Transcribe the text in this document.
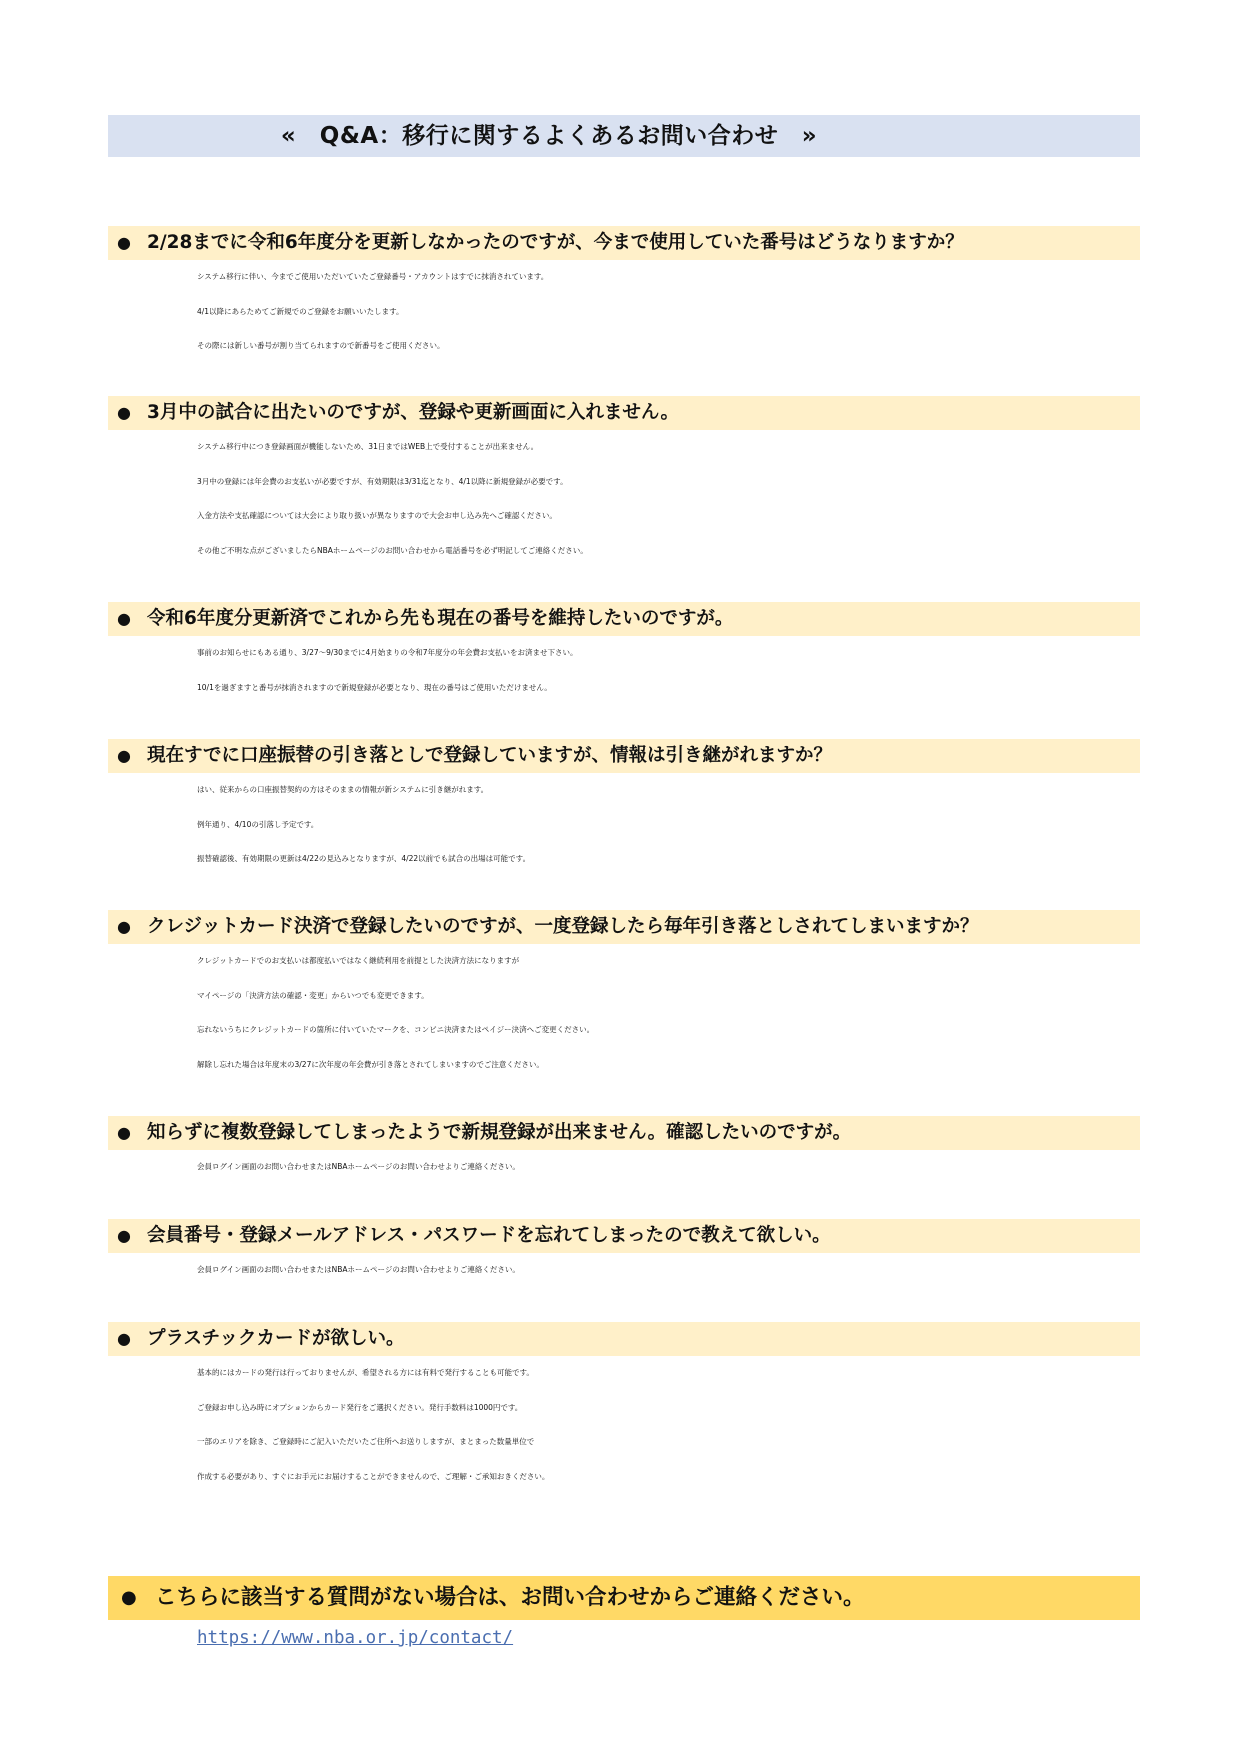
«　Q&A：移行に関するよくあるお問い合わせ　»
● 2/28までに令和6年度分を更新しなかったのですが、今まで使用していた番号はどうなりますか？
システム移行に伴い、今までご使用いただいていたご登録番号・アカウントはすでに抹消されています。
4/1以降にあらためてご新規でのご登録をお願いいたします。
その際には新しい番号が割り当てられますので新番号をご使用ください。
● 3月中の試合に出たいのですが、登録や更新画面に入れません。
システム移行中につき登録画面が機能しないため、31日まではWEB上で受付することが出来ません。
3月中の登録には年会費のお支払いが必要ですが、有効期限は3/31迄となり、4/1以降に新規登録が必要です。
入金方法や支払確認については大会により取り扱いが異なりますので大会お申し込み先へご確認ください。
その他ご不明な点がございましたらNBAホームページのお問い合わせから電話番号を必ず明記してご連絡ください。
● 令和6年度分更新済でこれから先も現在の番号を維持したいのですが。
事前のお知らせにもある通り、3/27～9/30までに4月始まりの令和7年度分の年会費お支払いをお済ませ下さい。
10/1を過ぎますと番号が抹消されますので新規登録が必要となり、現在の番号はご使用いただけません。
● 現在すでに口座振替の引き落としで登録していますが、情報は引き継がれますか？
はい、従来からの口座振替契約の方はそのままの情報が新システムに引き継がれます。
例年通り、4/10の引落し予定です。
振替確認後、有効期限の更新は4/22の見込みとなりますが、4/22以前でも試合の出場は可能です。
● クレジットカード決済で登録したいのですが、一度登録したら毎年引き落としされてしまいますか？
クレジットカードでのお支払いは都度払いではなく継続利用を前提とした決済方法になりますが
マイページの「決済方法の確認・変更」からいつでも変更できます。
忘れないうちにクレジットカードの箇所に付いていたマークを、コンビニ決済またはペイジー決済へご変更ください。
解除し忘れた場合は年度末の3/27に次年度の年会費が引き落とされてしまいますのでご注意ください。
● 知らずに複数登録してしまったようで新規登録が出来ません。確認したいのですが。
会員ログイン画面のお問い合わせまたはNBAホームページのお問い合わせよりご連絡ください。
● 会員番号・登録メールアドレス・パスワードを忘れてしまったので教えて欲しい。
会員ログイン画面のお問い合わせまたはNBAホームページのお問い合わせよりご連絡ください。
● プラスチックカードが欲しい。
基本的にはカードの発行は行っておりませんが、希望される方には有料で発行することも可能です。
ご登録お申し込み時にオプションからカード発行をご選択ください。発行手数料は1000円です。
一部のエリアを除き、ご登録時にご記入いただいたご住所へお送りしますが、まとまった数量単位で
作成する必要があり、すぐにお手元にお届けすることができませんので、ご理解・ご承知おきください。
● こちらに該当する質問がない場合は、お問い合わせからご連絡ください。
https://www.nba.or.jp/contact/
